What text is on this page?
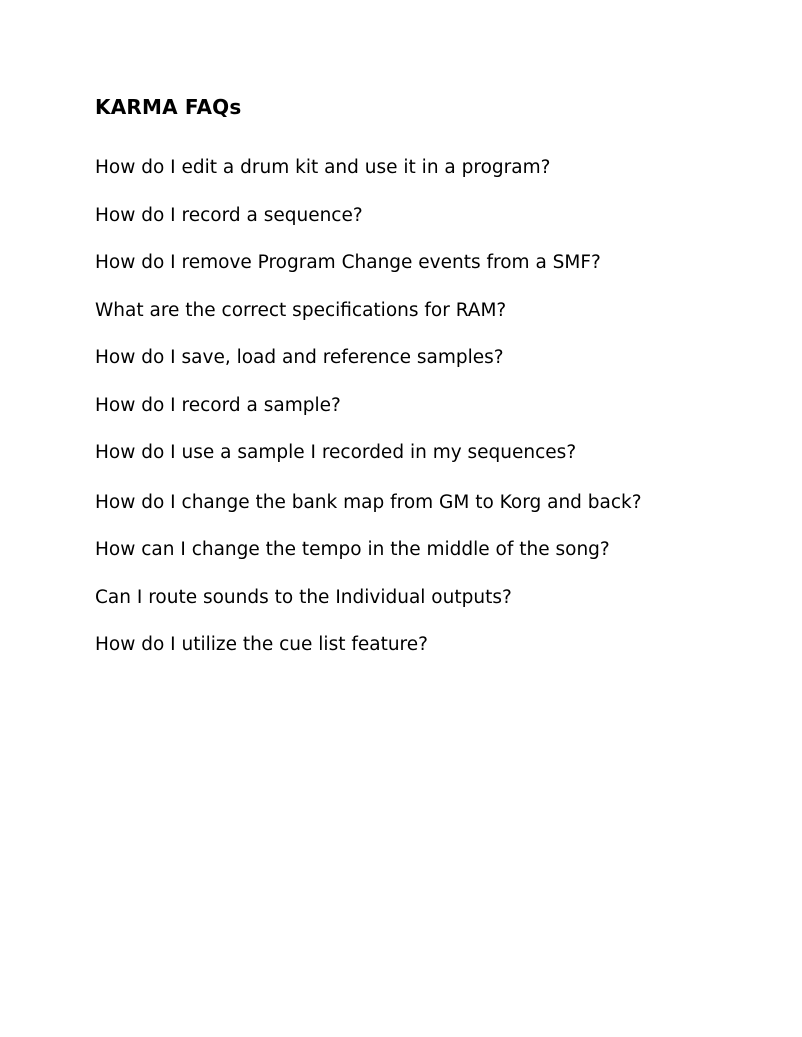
KARMA FAQs
How do I edit a drum kit and use it in a program?
How do I record a sequence?
How do I remove Program Change events from a SMF?
What are the correct specifications for RAM?
How do I save, load and reference samples?
How do I record a sample?
How do I use a sample I recorded in my sequences?
How do I change the bank map from GM to Korg and back?
How can I change the tempo in the middle of the song?
Can I route sounds to the Individual outputs?
How do I utilize the cue list feature?
